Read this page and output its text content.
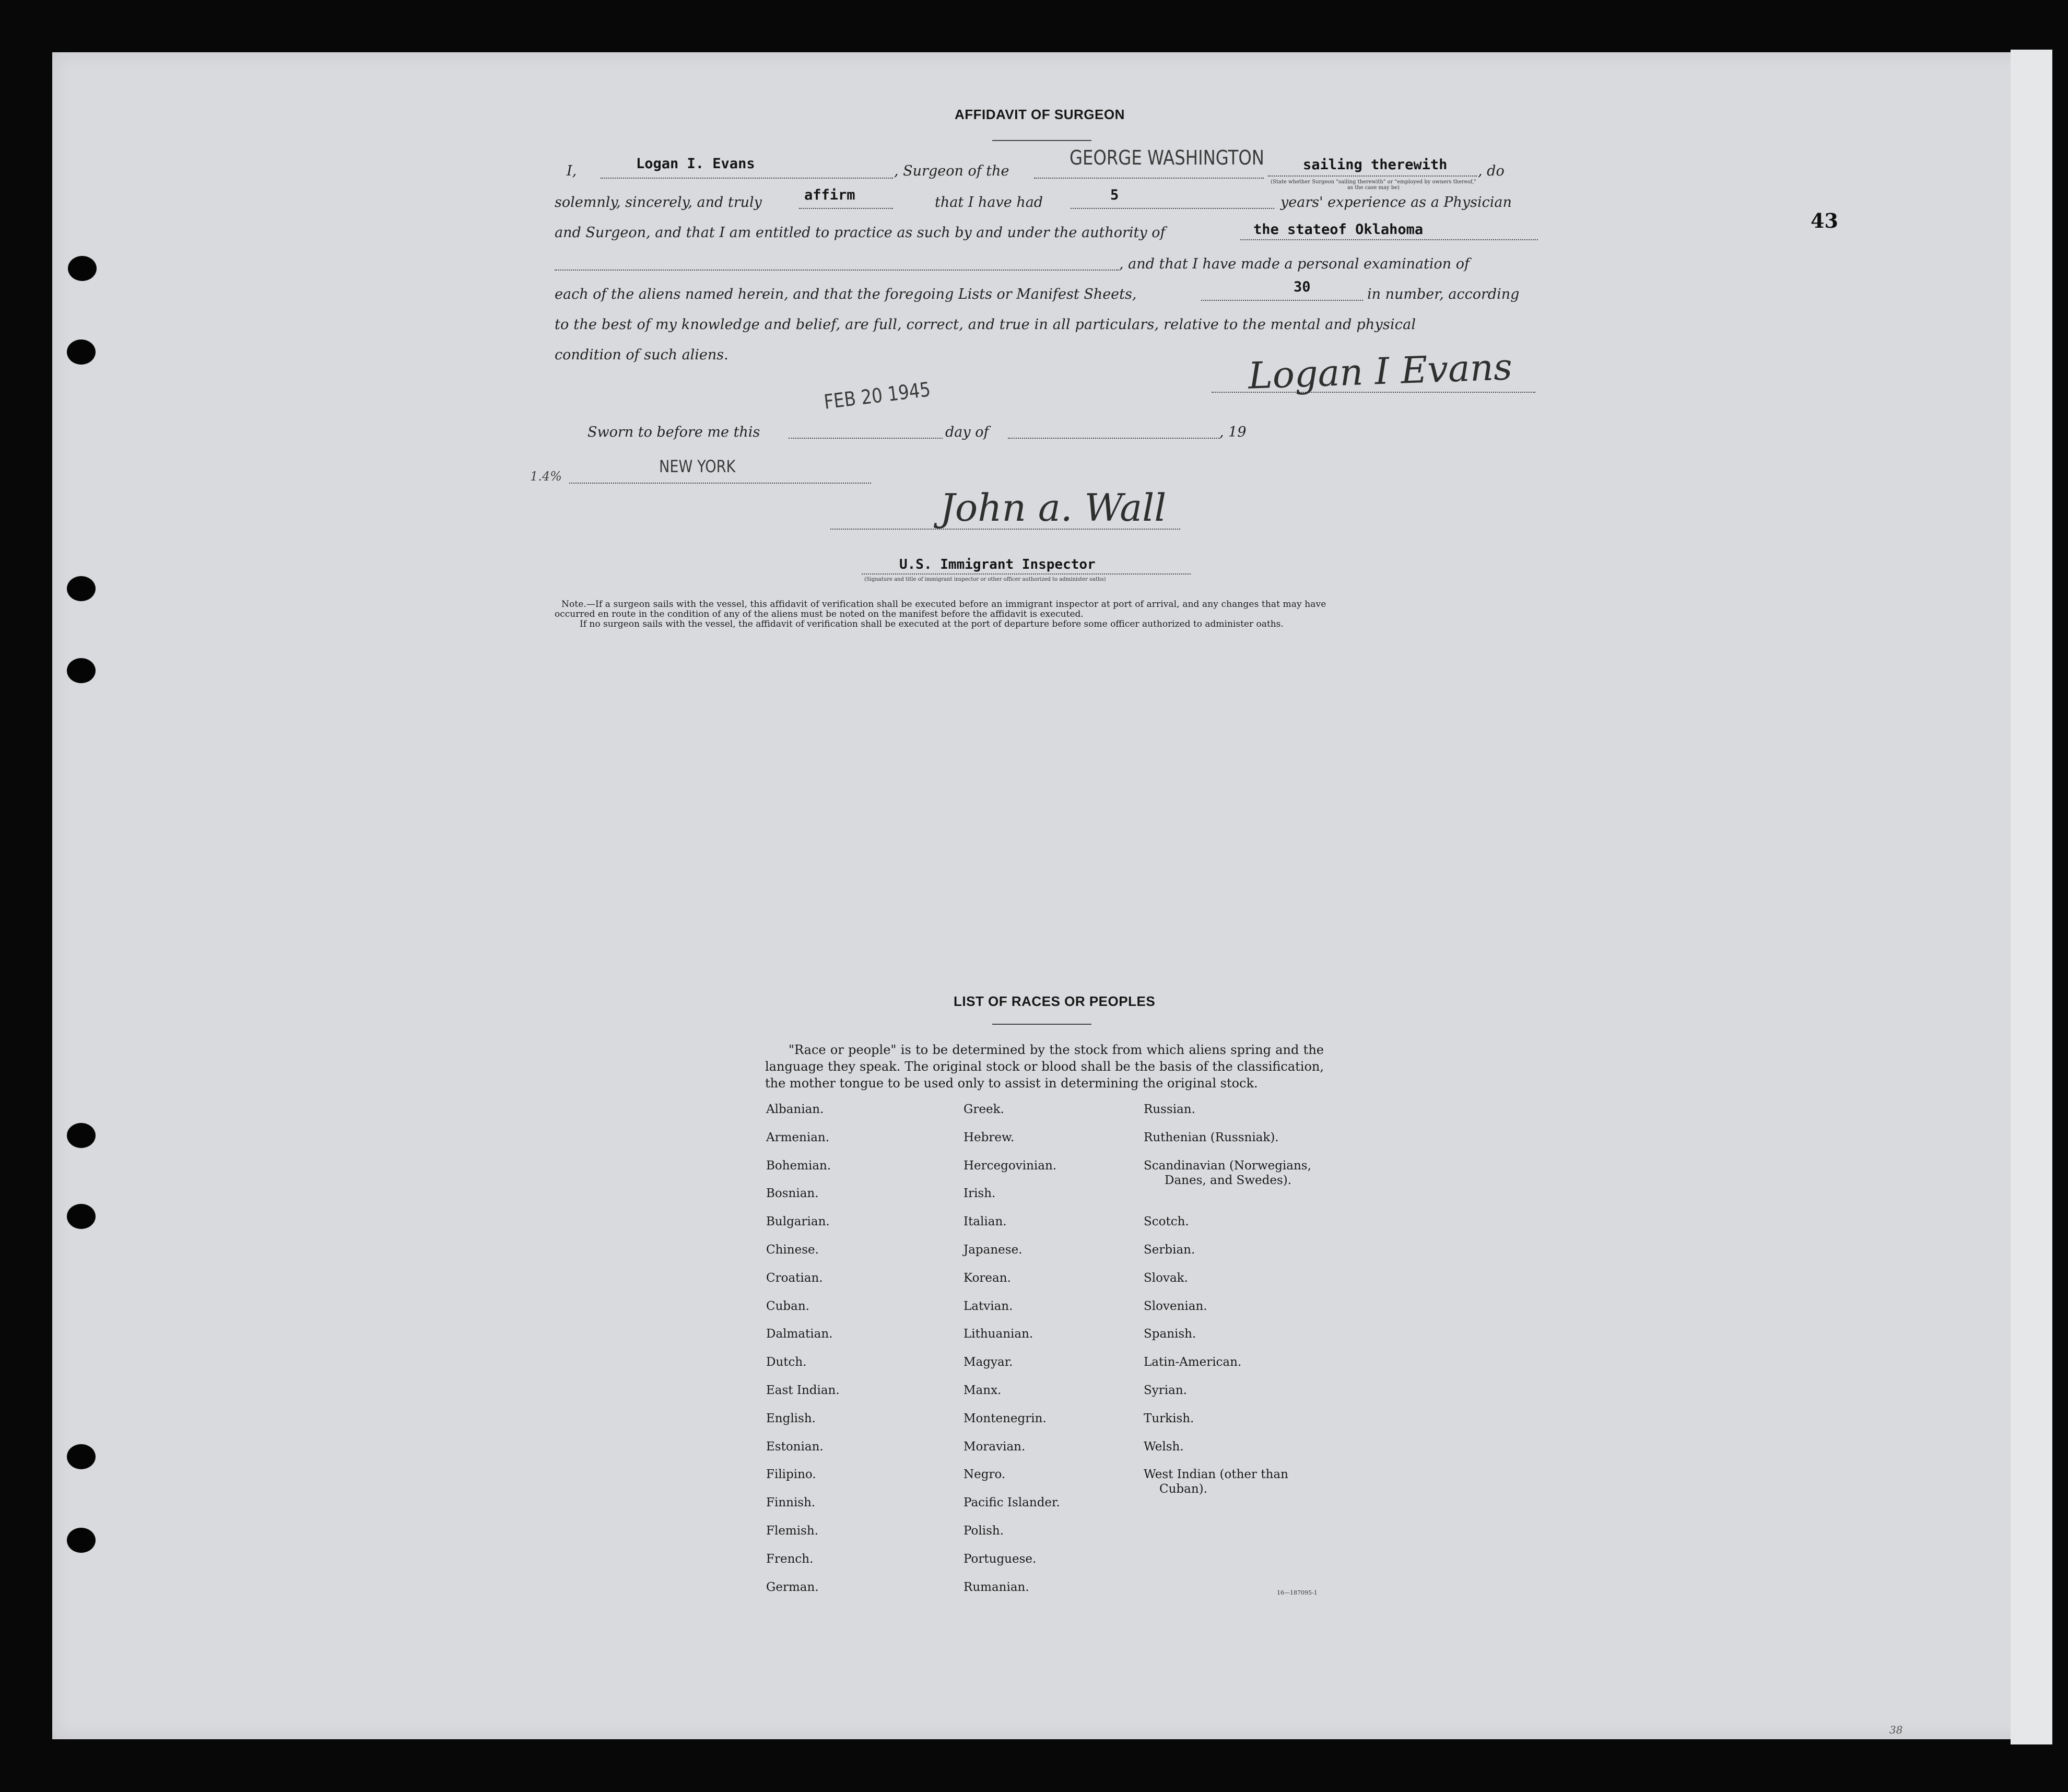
43
AFFIDAVIT OF SURGEON
I,	Logan I. Evans	, Surgeon of the
GEORGE WASHINGTON	sailing therewith , do
(State whether Surgeon "sailing therewith" or "employed by owners thereof," as the case may be)
solemnly, sincerely, and truly	affirm	that I have had	5	years' experience as a Physician
and Surgeon, and that I am entitled to practice as such by and under the authority of	the stateof Oklahoma
, and that I have made a personal examination of
each of the aliens named herein, and that the foregoing Lists or Manifest Sheets,	30	in number, according
to the best of my knowledge and belief, are full, correct, and true in all particulars, relative to the mental and physical
condition of such aliens.	Logan I Evans
Sworn to before me this
FEB 20 1945
day of	, 19
1.4%	NEW YORK
John a. Wall
U.S. Immigrant Inspector
(Signature and title of immigrant inspector or other officer authorized to administer oaths)
Note.—If a surgeon sails with the vessel, this affidavit of verification shall be executed before an immigrant inspector at port of arrival, and any changes that may have
occurred en route in the condition of any of the aliens must be noted on the manifest before the affidavit is executed.
If no surgeon sails with the vessel, the affidavit of verification shall be executed at the port of departure before some officer authorized to administer oaths.
LIST OF RACES OR PEOPLES
"Race or people" is to be determined by the stock from which aliens spring and the language they speak. The original stock or blood shall be the basis of the classification, the mother tongue to be used only to assist in determining the original stock.
Albanian.
Armenian.
Bohemian.
Bosnian.
Bulgarian.
Chinese.
Croatian.
Cuban.
Dalmatian.
Dutch.
East Indian.
English.
Estonian.
Filipino.
Finnish.
Flemish.
French.
German.
Greek.
Hebrew.
Hercegovinian.
Irish.
Italian.
Japanese.
Korean.
Latvian.
Lithuanian.
Magyar.
Manx.
Montenegrin.
Moravian.
Negro.
Pacific Islander.
Polish.
Portuguese.
Rumanian.
Russian.
Ruthenian (Russniak).
Scandinavian (Norwegians,
Danes, and Swedes).
Scotch.
Serbian.
Slovak.
Slovenian.
Spanish.
Latin-American.
Syrian.
Turkish.
Welsh.
West Indian (other than
Cuban).
16—187095-1
38
